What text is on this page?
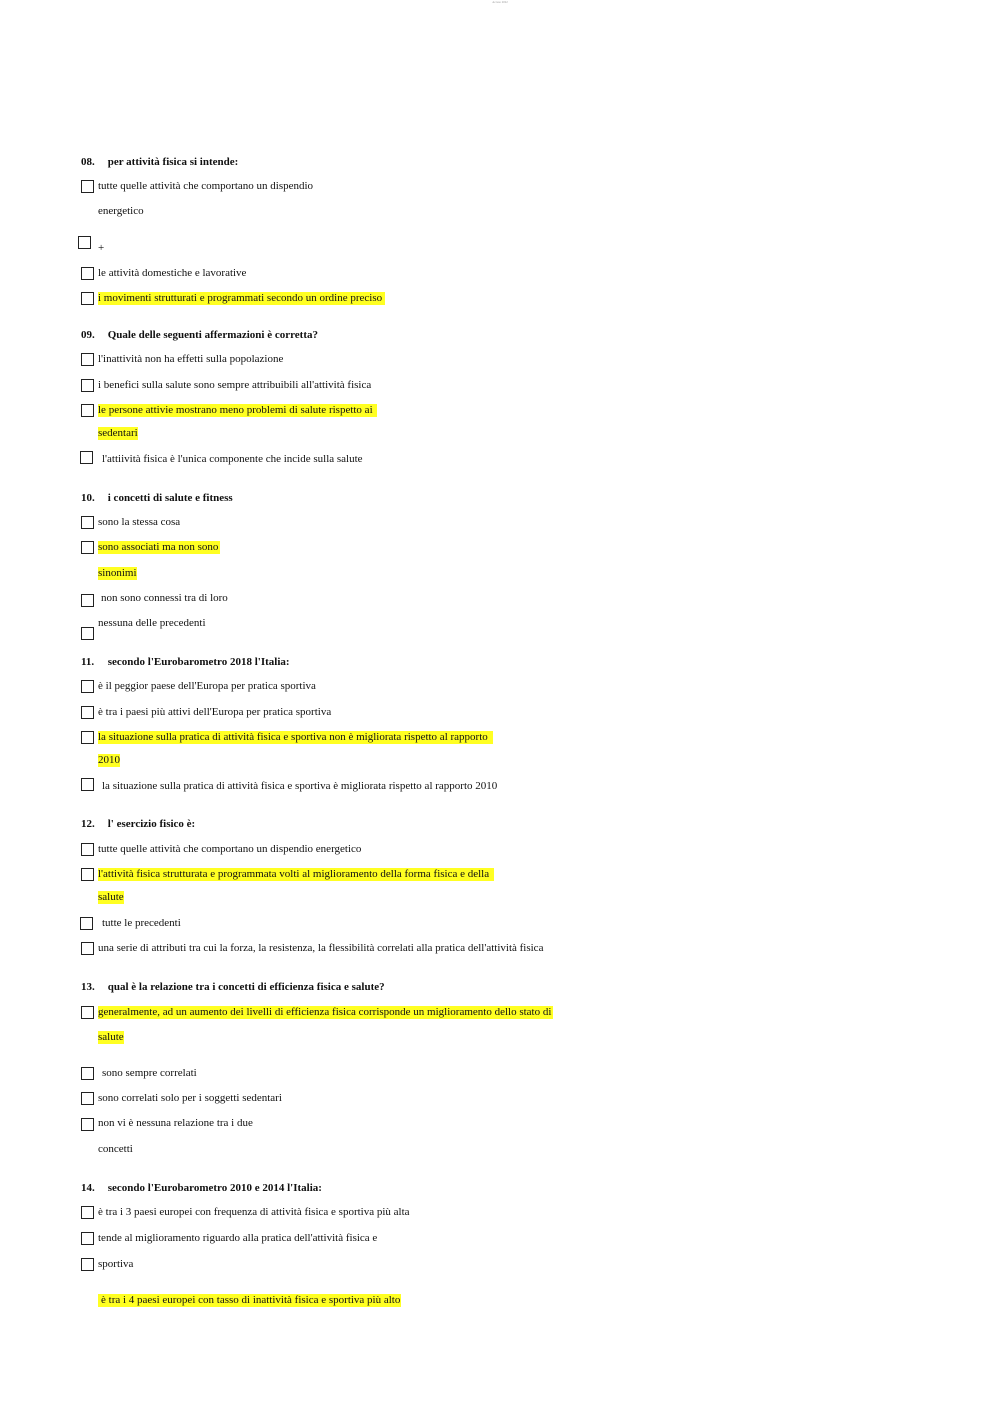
Acceso 2022
08. per attività fisica si intende:
tutte quelle attività che comportano un dispendio
energetico
+
le attività domestiche e lavorative
i movimenti strutturati e programmati secondo un ordine preciso
09. Quale delle seguenti affermazioni è corretta?
l'inattività non ha effetti sulla popolazione
i benefici sulla salute sono sempre attribuibili all'attività fisica
le persone attivie mostrano meno problemi di salute rispetto ai
sedentari
l'attiività fisica è l'unica componente che incide sulla salute
10. i concetti di salute e fitness
sono la stessa cosa
sono associati ma non sono
sinonimi
non sono connessi tra di loro
nessuna delle precedenti
11. secondo l'Eurobarometro 2018 l'Italia:
è il peggior paese dell'Europa per pratica sportiva
è tra i paesi più attivi dell'Europa per pratica sportiva
la situazione sulla pratica di attività fisica e sportiva non è migliorata rispetto al rapporto
2010
la situazione sulla pratica di attività fisica e sportiva è migliorata rispetto al rapporto 2010
12. l' esercizio fisico è:
tutte quelle attività che comportano un dispendio energetico
l'attività fisica strutturata e programmata volti al miglioramento della forma fisica e della
salute
tutte le precedenti
una serie di attributi tra cui la forza, la resistenza, la flessibilità correlati alla pratica dell'attività fisica
13. qual è la relazione tra i concetti di efficienza fisica e salute?
generalmente, ad un aumento dei livelli di efficienza fisica corrisponde un miglioramento dello stato di
salute
sono sempre correlati
sono correlati solo per i soggetti sedentari
non vi è nessuna relazione tra i due
concetti
14. secondo l'Eurobarometro 2010 e 2014 l'Italia:
è tra i 3 paesi europei con frequenza di attività fisica e sportiva più alta
tende al miglioramento riguardo alla pratica dell'attività fisica e
sportiva
è tra i 4 paesi europei con tasso di inattività fisica e sportiva più alto
